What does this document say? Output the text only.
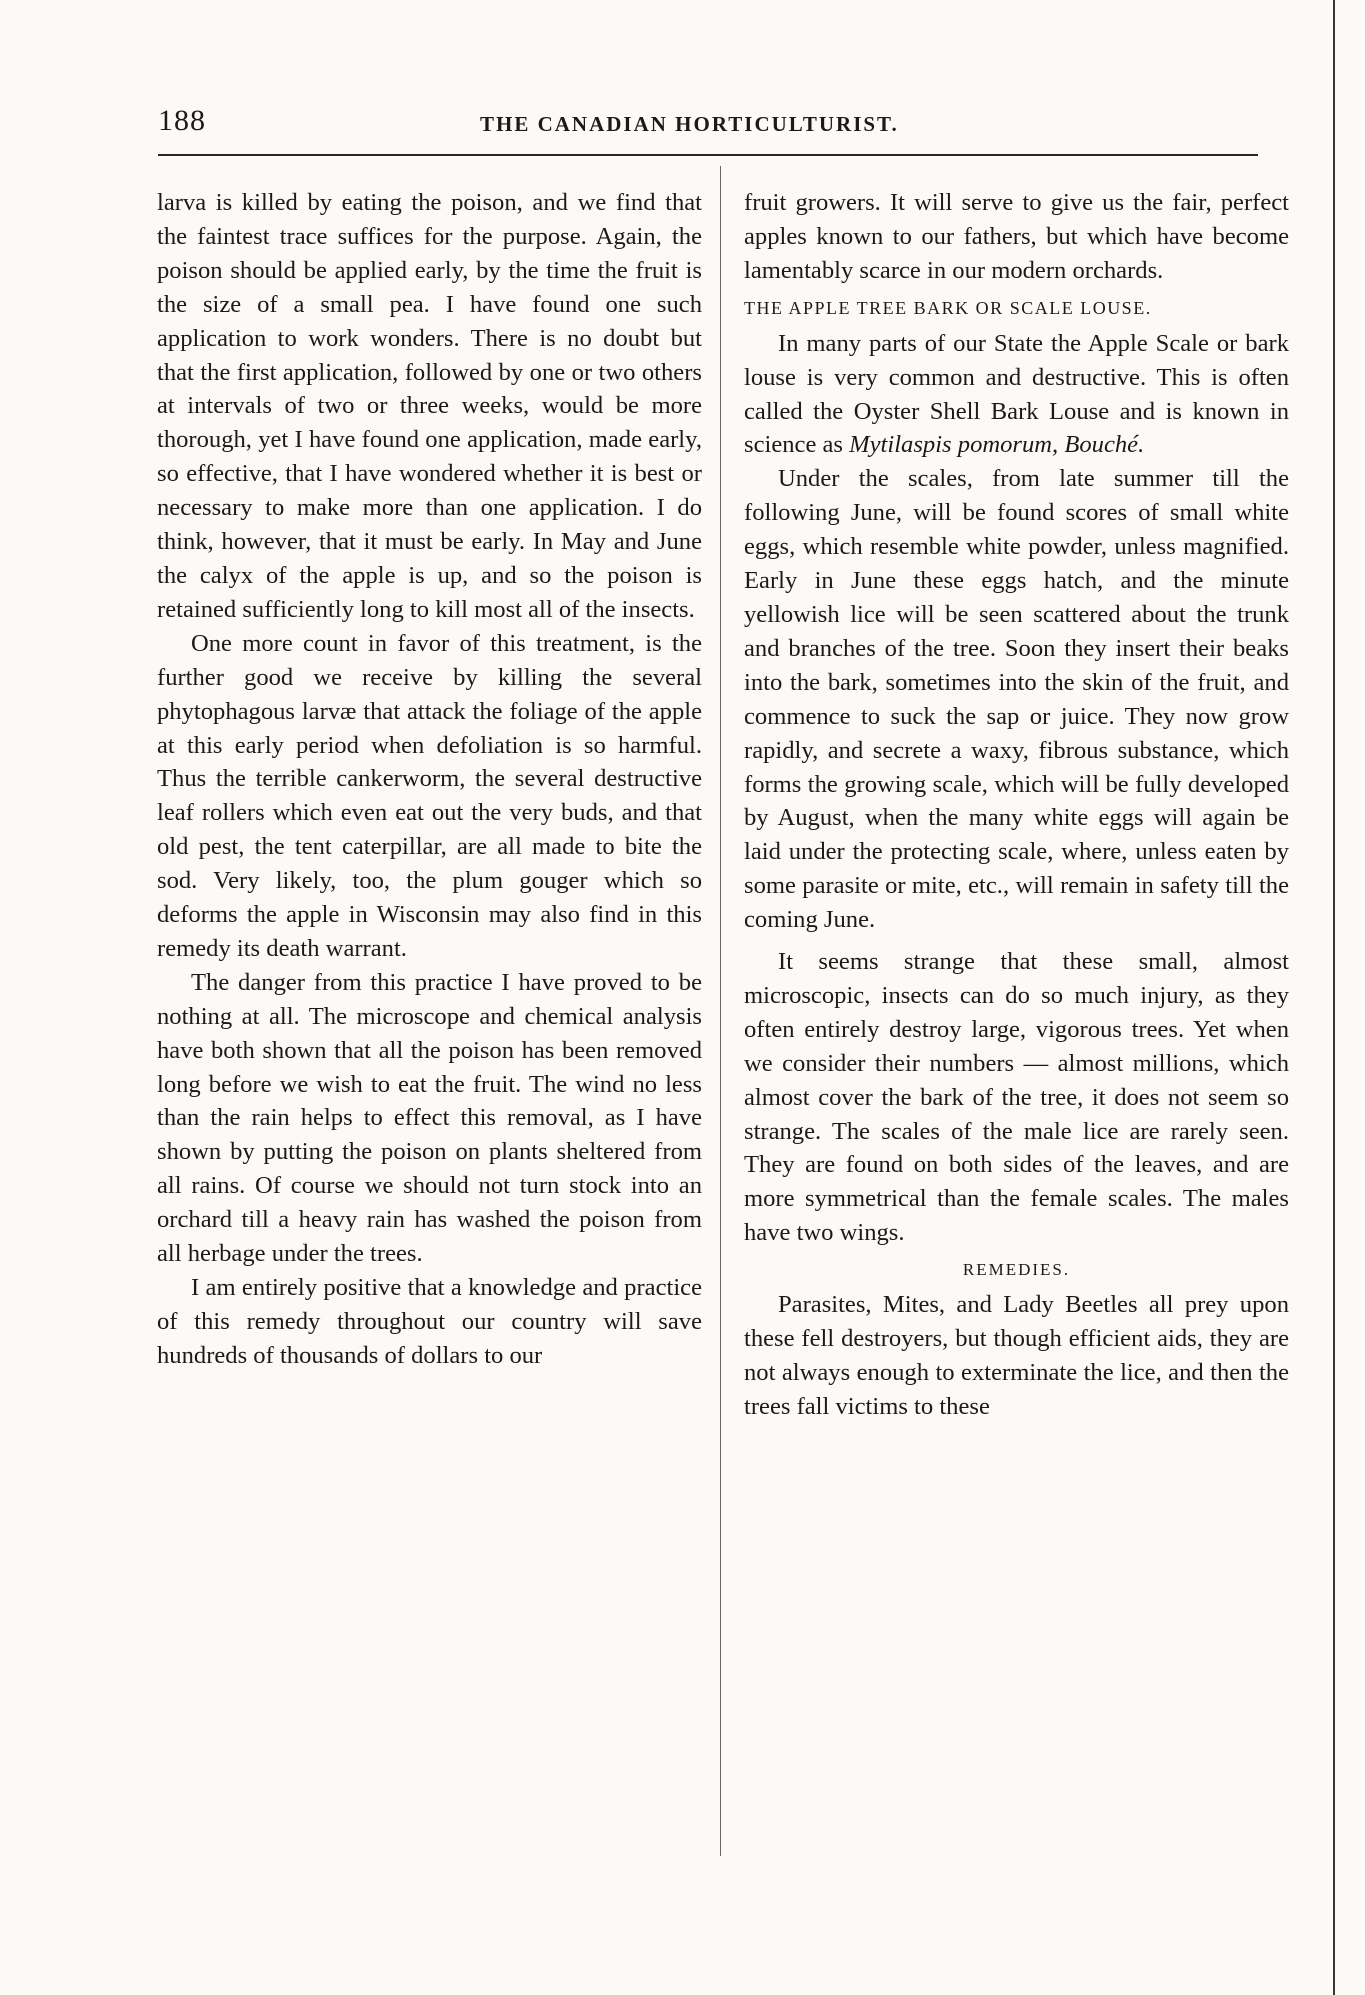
188	THE CANADIAN HORTICULTURIST.

larva is killed by eating the poison, and we find that the faintest trace suffices for the purpose. Again, the poison should be applied early, by the time the fruit is the size of a small pea. I have found one such application to work wonders. There is no doubt but that the first application, followed by one or two others at intervals of two or three weeks, would be more thorough, yet I have found one application, made early, so effective, that I have wondered whether it is best or necessary to make more than one application. I do think, however, that it must be early. In May and June the calyx of the apple is up, and so the poison is retained sufficiently long to kill most all of the insects.

One more count in favor of this treatment, is the further good we receive by killing the several phytophagous larvæ that attack the foliage of the apple at this early period when defoliation is so harmful. Thus the terrible cankerworm, the several destructive leaf rollers which even eat out the very buds, and that old pest, the tent caterpillar, are all made to bite the sod. Very likely, too, the plum gouger which so deforms the apple in Wisconsin may also find in this remedy its death warrant.

The danger from this practice I have proved to be nothing at all. The microscope and chemical analysis have both shown that all the poison has been removed long before we wish to eat the fruit. The wind no less than the rain helps to effect this removal, as I have shown by putting the poison on plants sheltered from all rains. Of course we should not turn stock into an orchard till a heavy rain has washed the poison from all herbage under the trees.

I am entirely positive that a knowledge and practice of this remedy throughout our country will save hundreds of thousands of dollars to our

fruit growers. It will serve to give us the fair, perfect apples known to our fathers, but which have become lamentably scarce in our modern orchards.

THE APPLE TREE BARK OR SCALE LOUSE.

In many parts of our State the Apple Scale or bark louse is very common and destructive. This is often called the Oyster Shell Bark Louse and is known in science as Mytilaspis pomorum, Bouché.

Under the scales, from late summer till the following June, will be found scores of small white eggs, which resemble white powder, unless magnified. Early in June these eggs hatch, and the minute yellowish lice will be seen scattered about the trunk and branches of the tree. Soon they insert their beaks into the bark, sometimes into the skin of the fruit, and commence to suck the sap or juice. They now grow rapidly, and secrete a waxy, fibrous substance, which forms the growing scale, which will be fully developed by August, when the many white eggs will again be laid under the protecting scale, where, unless eaten by some parasite or mite, etc., will remain in safety till the coming June.

It seems strange that these small, almost microscopic, insects can do so much injury, as they often entirely destroy large, vigorous trees. Yet when we consider their numbers — almost millions, which almost cover the bark of the tree, it does not seem so strange. The scales of the male lice are rarely seen. They are found on both sides of the leaves, and are more symmetrical than the female scales. The males have two wings.

REMEDIES.

Parasites, Mites, and Lady Beetles all prey upon these fell destroyers, but though efficient aids, they are not always enough to exterminate the lice, and then the trees fall victims to these
